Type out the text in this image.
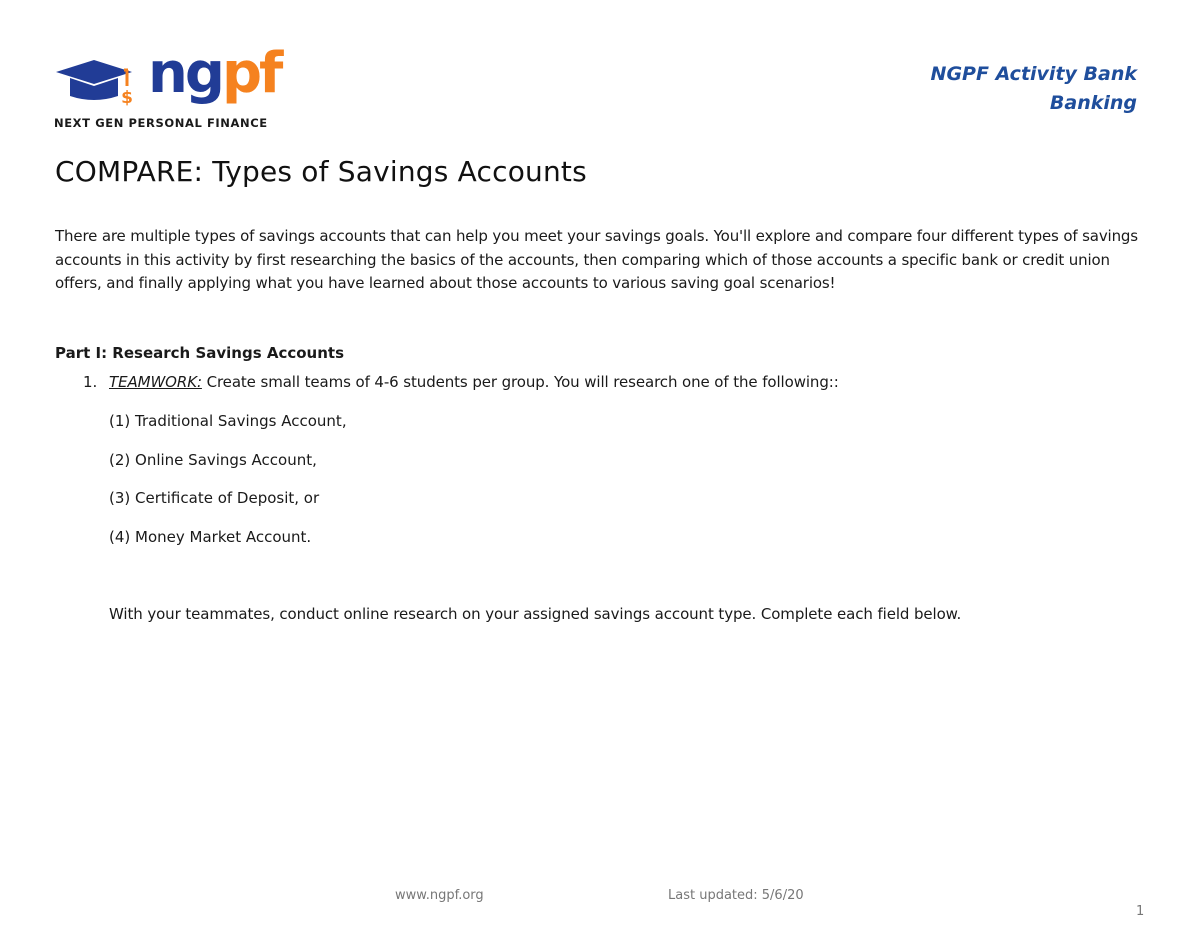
$ ngpf
NEXT GEN PERSONAL FINANCE
NGPF Activity Bank
Banking
COMPARE: Types of Savings Accounts
There are multiple types of savings accounts that can help you meet your savings goals. You'll explore and compare four different types of savings accounts in this activity by first researching the basics of the accounts, then comparing which of those accounts a specific bank or credit union offers, and finally applying what you have learned about those accounts to various saving goal scenarios!
Part I: Research Savings Accounts
1. TEAMWORK: Create small teams of 4-6 students per group. You will research one of the following::
(1) Traditional Savings Account,
(2) Online Savings Account,
(3) Certificate of Deposit, or
(4) Money Market Account.
With your teammates, conduct online research on your assigned savings account type. Complete each field below.
www.ngpf.org	Last updated: 5/6/20
1
